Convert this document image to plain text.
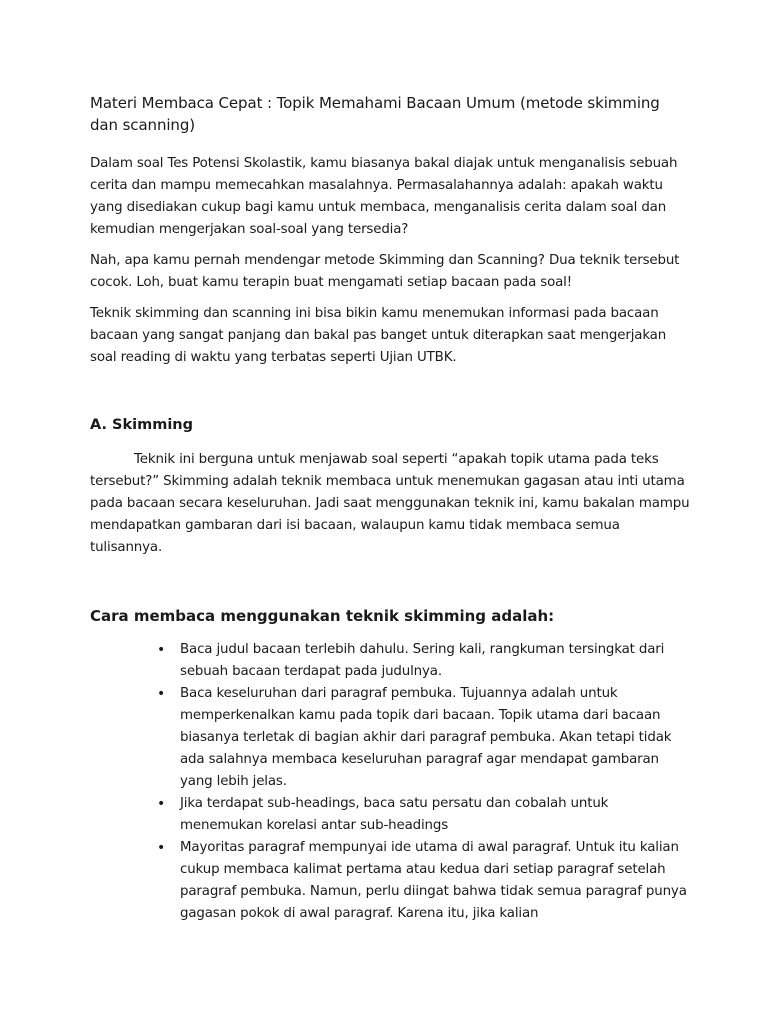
Materi Membaca Cepat : Topik Memahami Bacaan Umum (metode skimming dan scanning)

Dalam soal Tes Potensi Skolastik, kamu biasanya bakal diajak untuk menganalisis sebuah cerita dan mampu memecahkan masalahnya. Permasalahannya adalah: apakah waktu yang disediakan cukup bagi kamu untuk membaca, menganalisis cerita dalam soal dan kemudian mengerjakan soal-soal yang tersedia?

Nah, apa kamu pernah mendengar metode Skimming dan Scanning? Dua teknik tersebut cocok. Loh, buat kamu terapin buat mengamati setiap bacaan pada soal!

Teknik skimming dan scanning ini bisa bikin kamu menemukan informasi pada bacaan bacaan yang sangat panjang dan bakal pas banget untuk diterapkan saat mengerjakan soal reading di waktu yang terbatas seperti Ujian UTBK.

A. Skimming

Teknik ini berguna untuk menjawab soal seperti “apakah topik utama pada teks tersebut?” Skimming adalah teknik membaca untuk menemukan gagasan atau inti utama pada bacaan secara keseluruhan. Jadi saat menggunakan teknik ini, kamu bakalan mampu mendapatkan gambaran dari isi bacaan, walaupun kamu tidak membaca semua tulisannya.

Cara membaca menggunakan teknik skimming adalah:

• Baca judul bacaan terlebih dahulu. Sering kali, rangkuman tersingkat dari sebuah bacaan terdapat pada judulnya.
• Baca keseluruhan dari paragraf pembuka. Tujuannya adalah untuk memperkenalkan kamu pada topik dari bacaan. Topik utama dari bacaan biasanya terletak di bagian akhir dari paragraf pembuka. Akan tetapi tidak ada salahnya membaca keseluruhan paragraf agar mendapat gambaran yang lebih jelas.
• Jika terdapat sub-headings, baca satu persatu dan cobalah untuk menemukan korelasi antar sub-headings
• Mayoritas paragraf mempunyai ide utama di awal paragraf. Untuk itu kalian cukup membaca kalimat pertama atau kedua dari setiap paragraf setelah paragraf pembuka. Namun, perlu diingat bahwa tidak semua paragraf punya gagasan pokok di awal paragraf. Karena itu, jika kalian
